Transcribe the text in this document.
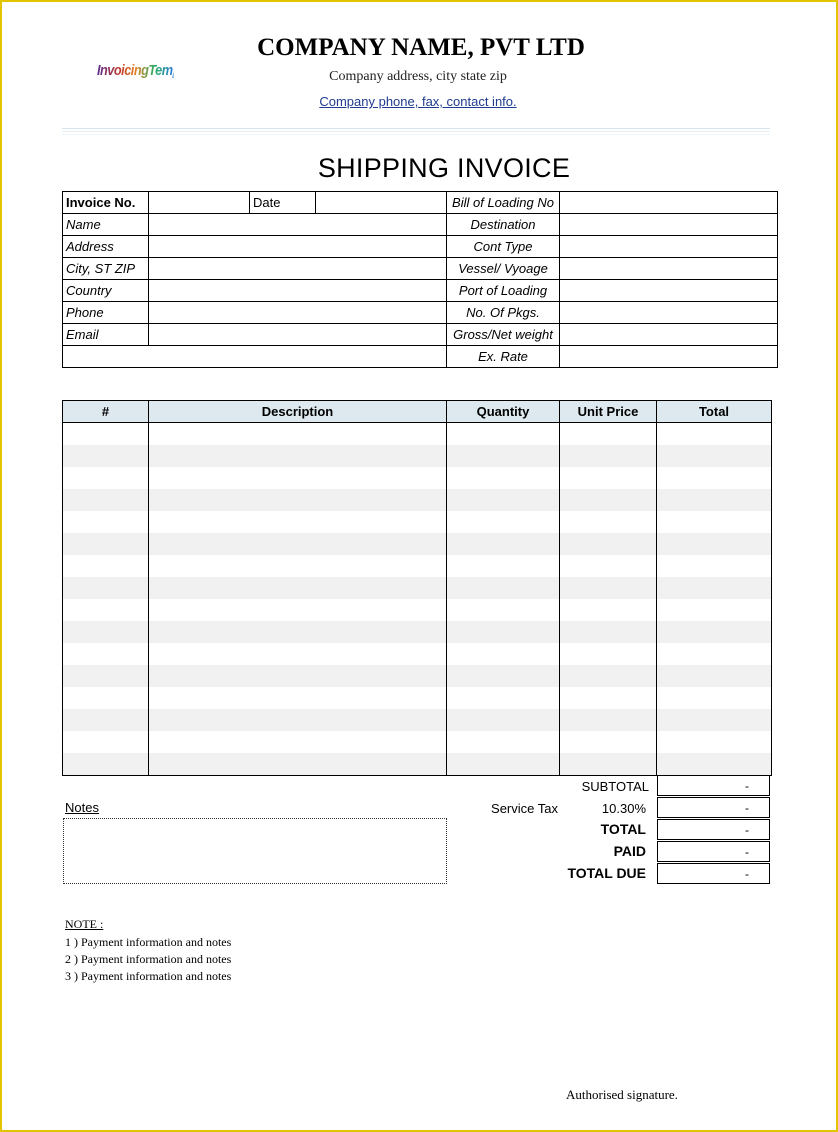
InvoicingTemplates
COMPANY NAME, PVT LTD
Company address, city state zip
Company phone, fax, contact info.
SHIPPING INVOICE
Invoice No.		Date		Bill of Loading No	
Name				Destination	
Address				Cont Type	
City, ST ZIP				Vessel/ Vyoage	
Country				Port of Loading	
Phone				No. Of Pkgs.	
Email				Gross/Net weight	
				Ex. Rate	
#	Description	Quantity	Unit Price	Total

SUBTOTAL	-
Service Tax	10.30%	-
TOTAL	-
PAID	-
TOTAL DUE	-
Notes
NOTE :
1 ) Payment information and notes
2 ) Payment information and notes
3 ) Payment information and notes
Authorised signature.
